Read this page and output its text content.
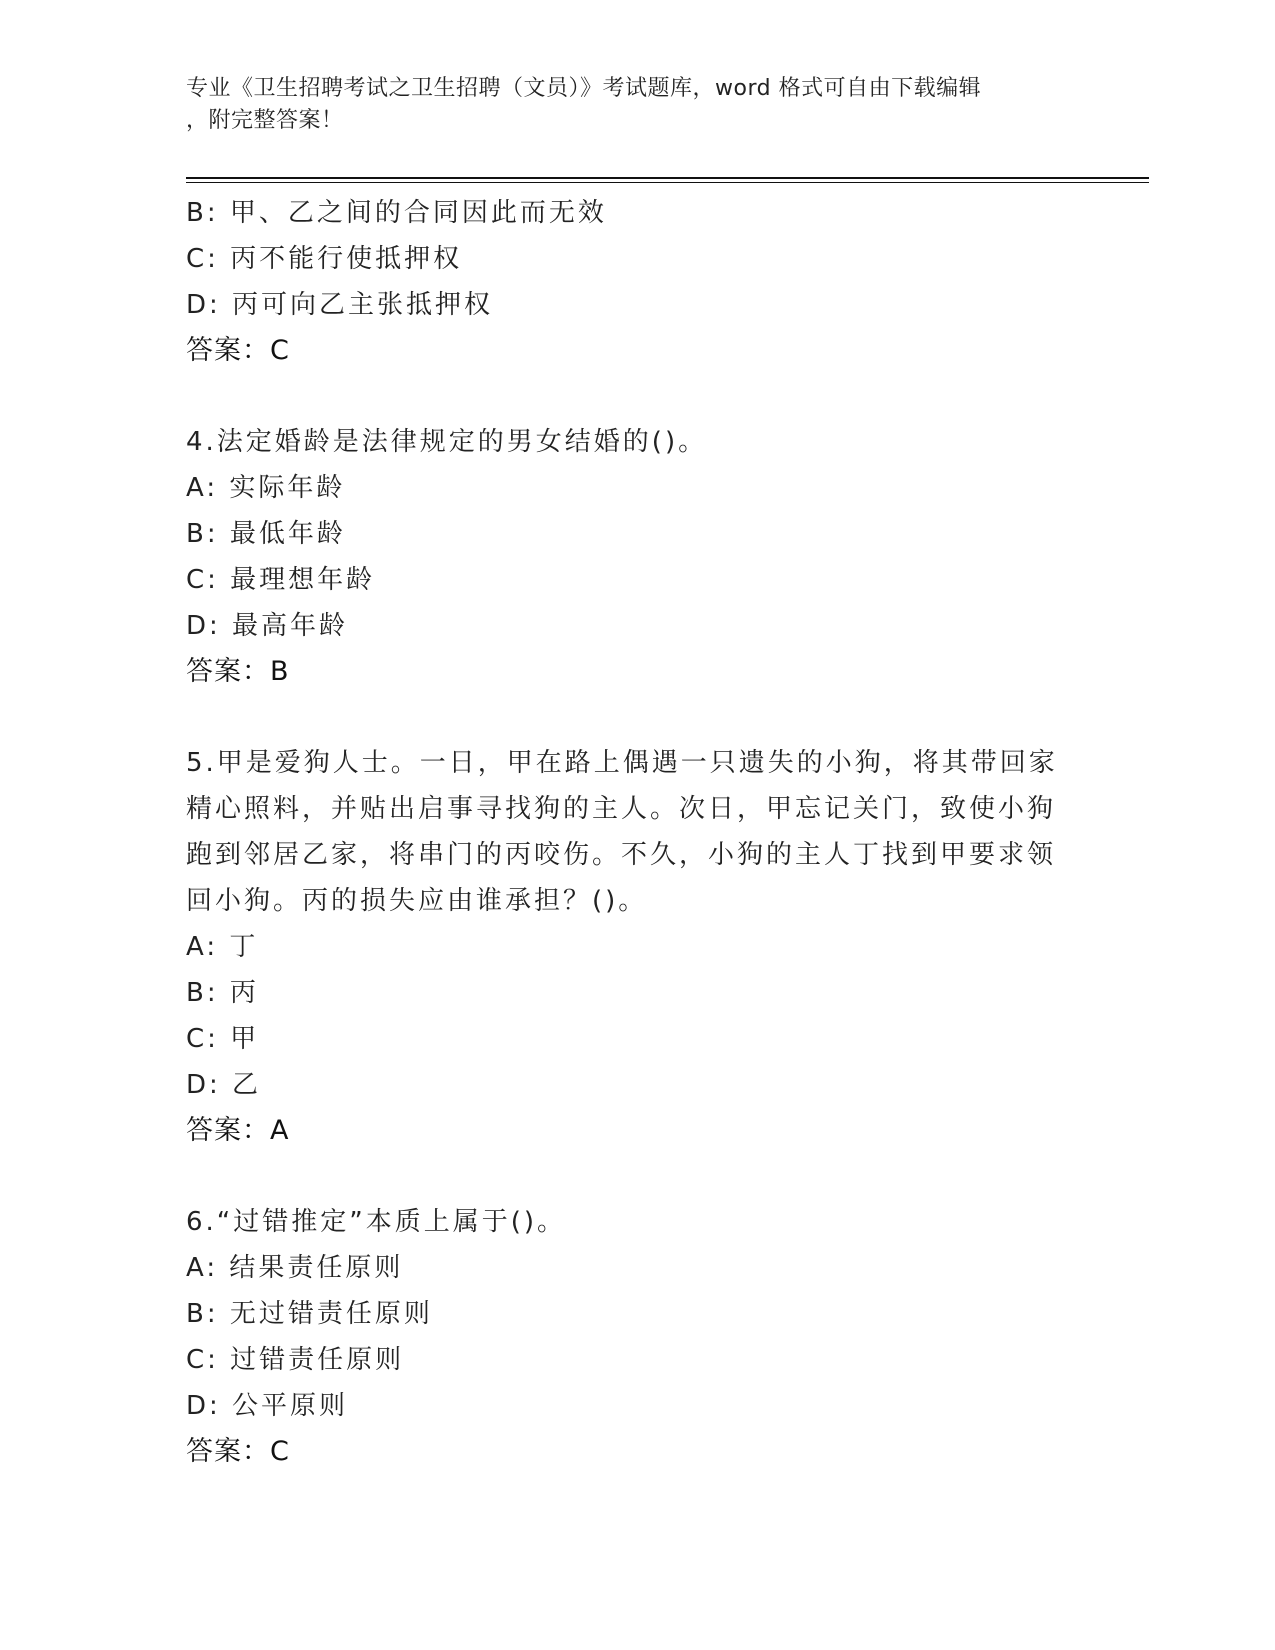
专业《卫生招聘考试之卫生招聘（文员）》考试题库，word 格式可自由下载编辑
，附完整答案！
B: 甲、乙之间的合同因此而无效
C: 丙不能行使抵押权
D: 丙可向乙主张抵押权
答案：C
4.法定婚龄是法律规定的男女结婚的()。
A: 实际年龄
B: 最低年龄
C: 最理想年龄
D: 最高年龄
答案：B
5.甲是爱狗人士。一日，甲在路上偶遇一只遗失的小狗，将其带回家
精心照料，并贴出启事寻找狗的主人。次日，甲忘记关门，致使小狗
跑到邻居乙家，将串门的丙咬伤。不久，小狗的主人丁找到甲要求领
回小狗。丙的损失应由谁承担？()。
A: 丁
B: 丙
C: 甲
D: 乙
答案：A
6.“过错推定”本质上属于()。
A: 结果责任原则
B: 无过错责任原则
C: 过错责任原则
D: 公平原则
答案：C
